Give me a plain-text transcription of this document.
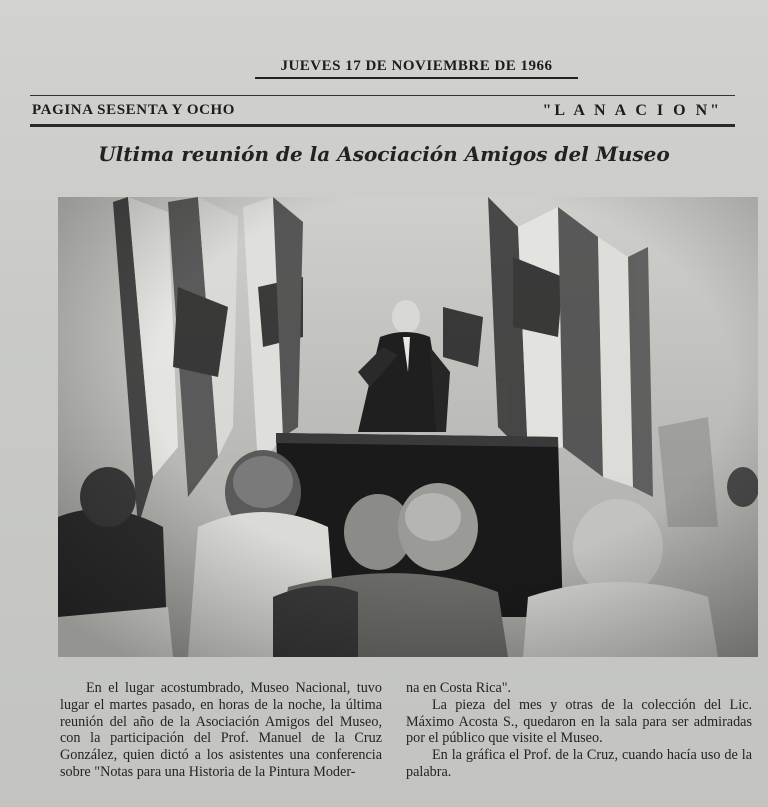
JUEVES 17 DE NOVIEMBRE DE 1966
PAGINA SESENTA Y OCHO	"L A N A C I O N"
Ultima reunión de la Asociación Amigos del Museo

En el lugar acostumbrado, Museo Nacional, tuvo lugar el martes pasado, en horas de la noche, la última reunión del año de la Asociación Amigos del Museo, con la participación del Prof. Manuel de la Cruz González, quien dictó a los asistentes una conferencia sobre "Notas para una Historia de la Pintura Moder-

na en Costa Rica".

La pieza del mes y otras de la colección del Lic. Máximo Acosta S., quedaron en la sala para ser admiradas por el público que visite el Museo.

En la gráfica el Prof. de la Cruz, cuando hacía uso de la palabra.
